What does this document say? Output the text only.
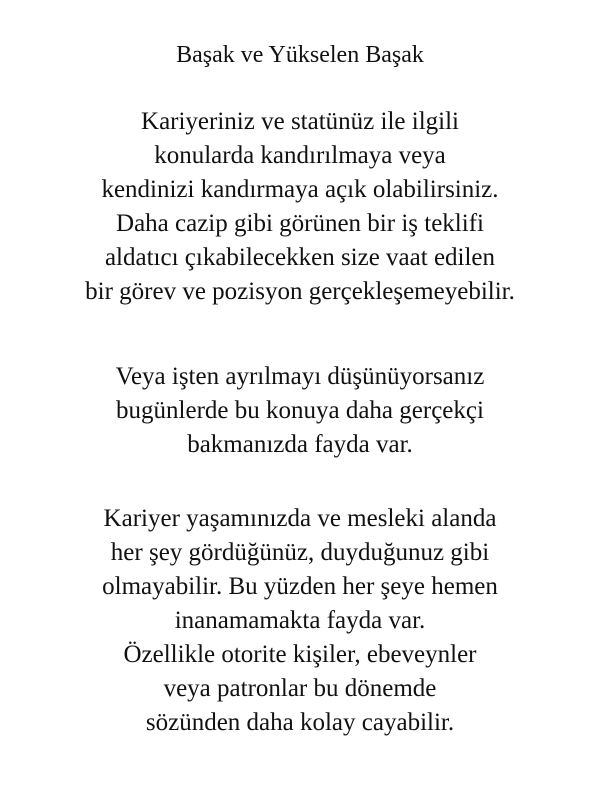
Başak ve Yükselen Başak
Kariyeriniz ve statünüz ile ilgili
konularda kandırılmaya veya
kendinizi kandırmaya açık olabilirsiniz.
Daha cazip gibi görünen bir iş teklifi
aldatıcı çıkabilecekken size vaat edilen
bir görev ve pozisyon gerçekleşemeyebilir.
Veya işten ayrılmayı düşünüyorsanız
bugünlerde bu konuya daha gerçekçi
bakmanızda fayda var.
Kariyer yaşamınızda ve mesleki alanda
her şey gördüğünüz, duyduğunuz gibi
olmayabilir. Bu yüzden her şeye hemen
inanamamakta fayda var.
Özellikle otorite kişiler, ebeveynler
veya patronlar bu dönemde
sözünden daha kolay cayabilir.
